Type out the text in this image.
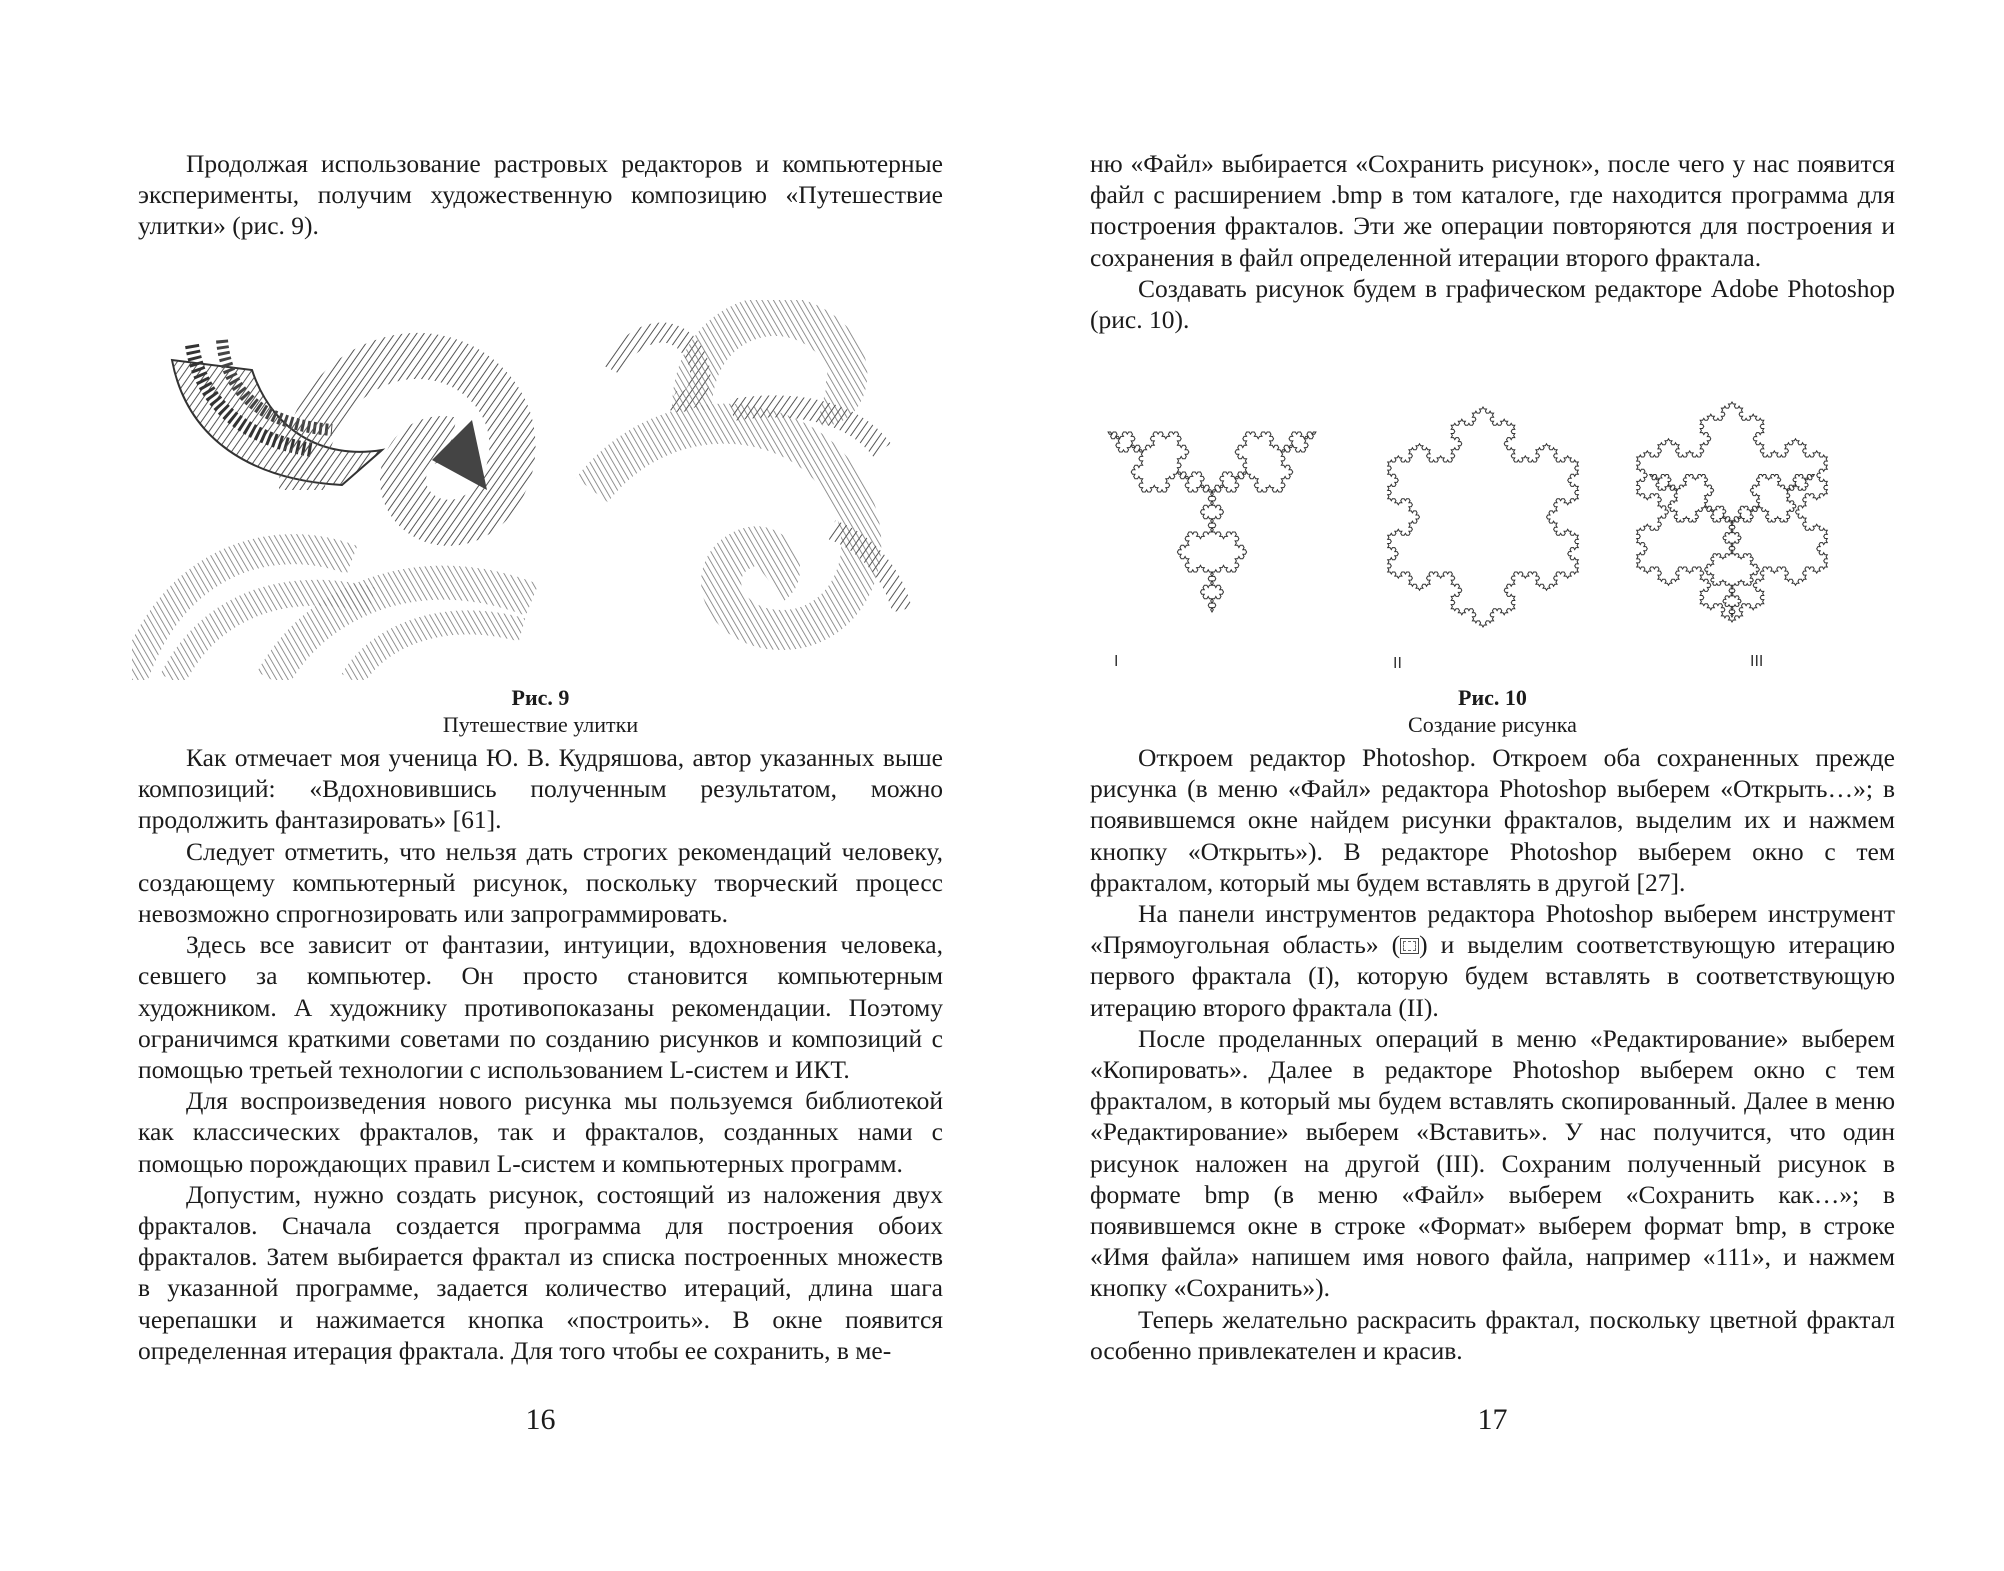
Продолжая использование растровых редакторов и компьютерные эксперименты, получим художественную композицию «Путешествие улитки» (рис. 9).

Рис. 9
Путешествие улитки

Как отмечает моя ученица Ю. В. Кудряшова, автор указанных выше композиций: «Вдохновившись полученным результатом, можно продолжить фантазировать» [61].

Следует отметить, что нельзя дать строгих рекомендаций человеку, создающему компьютерный рисунок, поскольку творческий процесс невозможно спрогнозировать или запрограммировать.

Здесь все зависит от фантазии, интуиции, вдохновения человека, севшего за компьютер. Он просто становится компьютерным художником. А художнику противопоказаны рекомендации. Поэтому ограничимся краткими советами по созданию рисунков и композиций с помощью третьей технологии с использованием L-систем и ИКТ.

Для воспроизведения нового рисунка мы пользуемся библиотекой как классических фракталов, так и фракталов, созданных нами с помощью порождающих правил L-систем и компьютерных программ.

Допустим, нужно создать рисунок, состоящий из наложения двух фракталов. Сначала создается программа для построения обоих фракталов. Затем выбирается фрактал из списка построенных множеств в указанной программе, задается количество итераций, длина шага черепашки и нажимается кнопка «построить». В окне появится определенная итерация фрактала. Для того чтобы ее сохранить, в ме-

16

ню «Файл» выбирается «Сохранить рисунок», после чего у нас появится файл с расширением .bmp в том каталоге, где находится программа для построения фракталов. Эти же операции повторяются для построения и сохранения в файл определенной итерации второго фрактала.

Создавать рисунок будем в графическом редакторе Adobe Photoshop (рис. 10).

I	II	III
Рис. 10
Создание рисунка

Откроем редактор Photoshop. Откроем оба сохраненных прежде рисунка (в меню «Файл» редактора Photoshop выберем «Открыть…»; в появившемся окне найдем рисунки фракталов, выделим их и нажмем кнопку «Открыть»). В редакторе Photoshop выберем окно с тем фракталом, который мы будем вставлять в другой [27].

На панели инструментов редактора Photoshop выберем инструмент «Прямоугольная область» ( ) и выделим соответствующую итерацию первого фрактала (I), которую будем вставлять в соответствующую итерацию второго фрактала (II).

После проделанных операций в меню «Редактирование» выберем «Копировать». Далее в редакторе Photoshop выберем окно с тем фракталом, в который мы будем вставлять скопированный. Далее в меню «Редактирование» выберем «Вставить». У нас получится, что один рисунок наложен на другой (III). Сохраним полученный рисунок в формате bmp (в меню «Файл» выберем «Сохранить как…»; в появившемся окне в строке «Формат» выберем формат bmp, в строке «Имя файла» напишем имя нового файла, например «111», и нажмем кнопку «Сохранить»).

Теперь желательно раскрасить фрактал, поскольку цветной фрактал особенно привлекателен и красив.

17
